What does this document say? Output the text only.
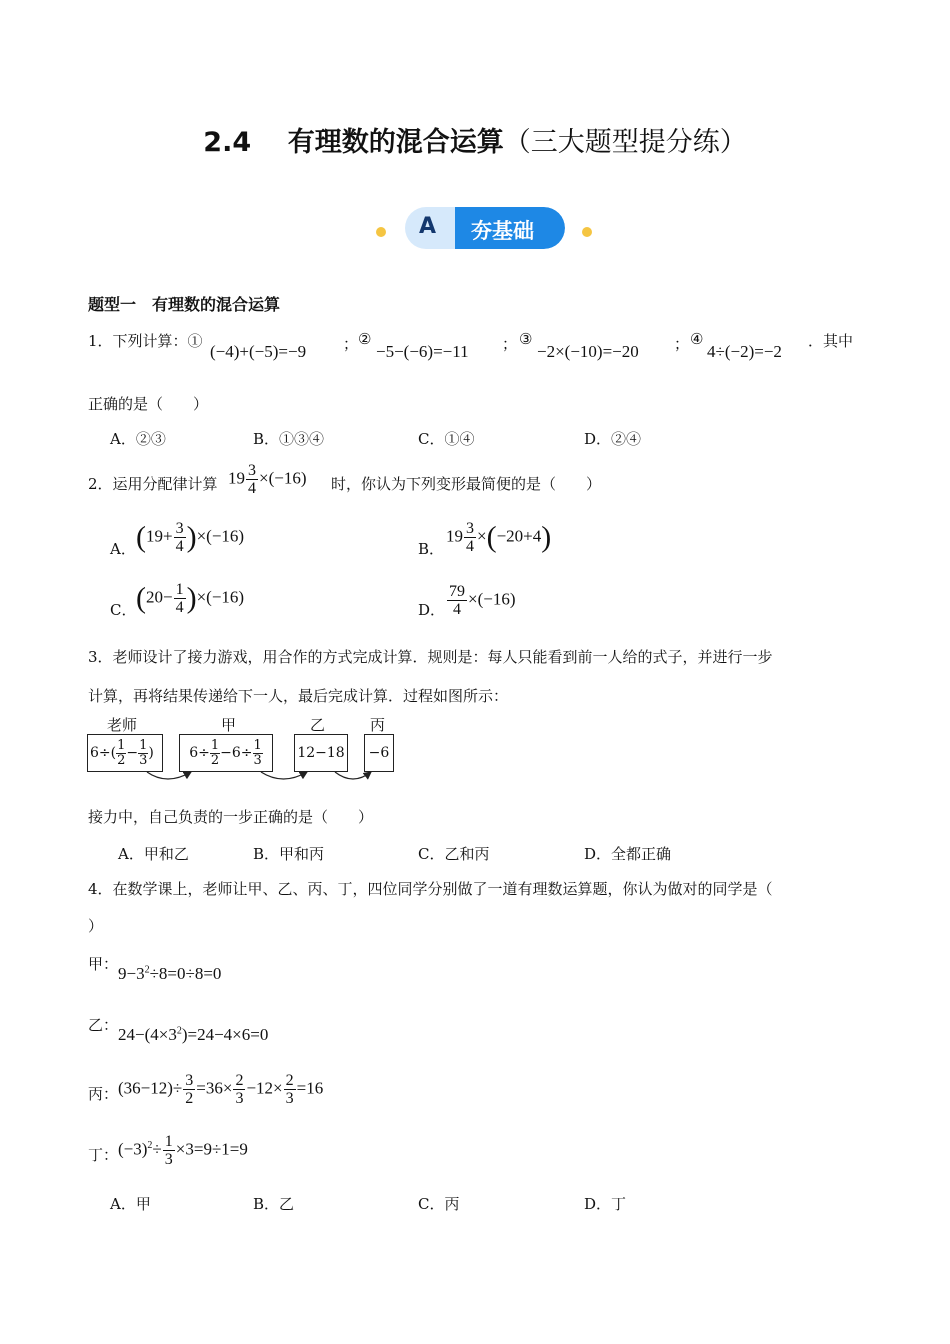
2.4 有理数的混合运算（三大题型提分练）
A 夯基础
题型一　有理数的混合运算
1．下列计算：①
(−4)+(−5)=−9 ； ②
−5−(−6)=−11 ； ③
−2×(−10)=−20 ； ④
4÷(−2)=−2
．其中
正确的是（　　）
A．②③	B．①③④	C．①④	D．②④
2．运用分配律计算 $19 \frac{3}{4} \times(-16)$ 时，你认为下列变形最简便的是（　　）
A． $(19+ \frac{3}{4} )\times(-16)$
B．
$19 \frac{3}{4} \times(-20+4)$
C． $(20- \frac{1}{4} )\times(-16)$
D． $\frac{79}{4} \times(-16)$
3．老师设计了接力游戏，用合作的方式完成计算．规则是：每人只能看到前一人给的式子，并进行一步
计算，再将结果传递给下一人，最后完成计算．过程如图所示：
老师	甲	乙	丙
6÷( 1
2 − 1
3 )	6÷ 1
2 −6÷ 1
3	12−18	−6
接力中，自己负责的一步正确的是（　　）
A．甲和乙	B．甲和丙	C．乙和丙	D．全都正确
4．在数学课上，老师让甲、乙、丙、丁，四位同学分别做了一道有理数运算题，你认为做对的同学是（
）
甲： $9-3^2\div 8=0\div 8=0$
乙： $24-(4\times 3^2)=24-4\times 6=0$
丙： $(36-12)\div \frac{3}{2} =36\times \frac{2}{3} -12\times \frac{2}{3} =16$
丁： $(-3)^2\div \frac{1}{3} \times 3=9\div 1=9$
A．甲	B．乙	C．丙	D．丁
